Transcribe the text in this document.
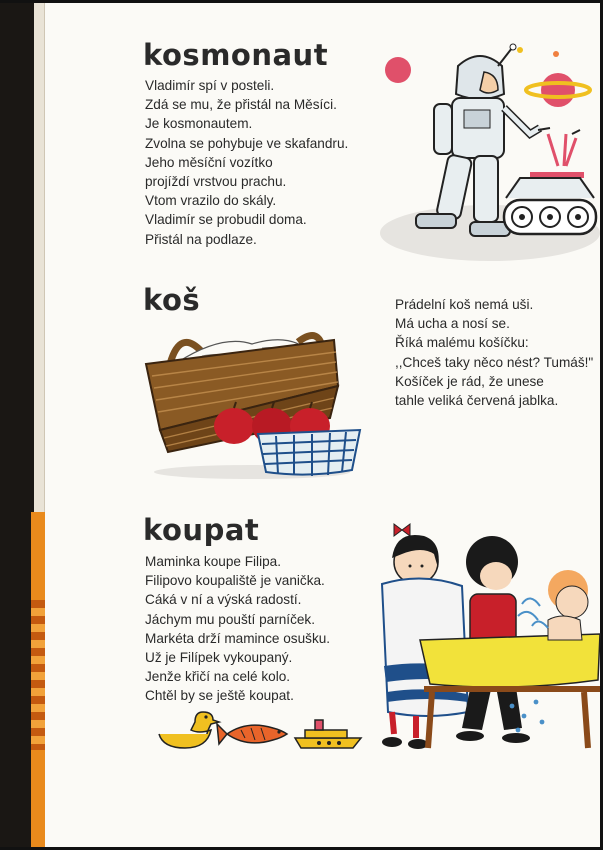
kosmonaut
Vladimír spí v posteli.
Zdá se mu, že přistál na Měsíci.
Je kosmonautem.
Zvolna se pohybuje ve skafandru.
Jeho měsíční vozítko
projíždí vrstvou prachu.
Vtom vrazilo do skály.
Vladimír se probudil doma.
Přistál na podlaze.
koš	Prádelní koš nemá uši.
Má ucha a nosí se.
Říká malému košíčku:
,,Chceš taky něco nést? Tumáš!"
Košíček je rád, že unese
tahle veliká červená jablka.
koupat
Maminka koupe Filipa.
Filipovo koupaliště je vanička.
Cáká v ní a výská radostí.
Jáchym mu pouští parníček.
Markéta drží mamince osušku.
Už je Filípek vykoupaný.
Jenže křičí na celé kolo.
Chtěl by se ještě koupat.
